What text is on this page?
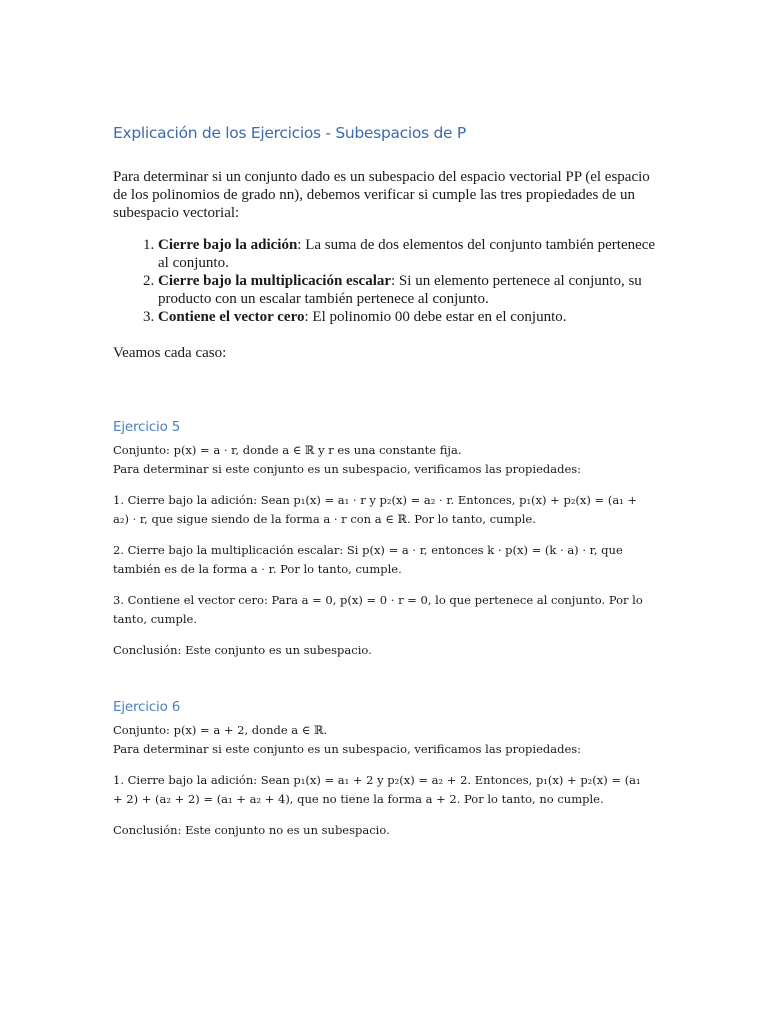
Explicación de los Ejercicios - Subespacios de P

Para determinar si un conjunto dado es un subespacio del espacio vectorial PP (el espacio de los polinomios de grado nn), debemos verificar si cumple las tres propiedades de un subespacio vectorial:

1. Cierre bajo la adición: La suma de dos elementos del conjunto también pertenece al conjunto.
2. Cierre bajo la multiplicación escalar: Si un elemento pertenece al conjunto, su producto con un escalar también pertenece al conjunto.
3. Contiene el vector cero: El polinomio 00 debe estar en el conjunto.

Veamos cada caso:

Ejercicio 5

Conjunto: p(x) = a · r, donde a ∈ ℝ y r es una constante fija.

Para determinar si este conjunto es un subespacio, verificamos las propiedades:

1. Cierre bajo la adición: Sean p₁(x) = a₁ · r y p₂(x) = a₂ · r. Entonces, p₁(x) + p₂(x) = (a₁ + a₂) · r, que sigue siendo de la forma a · r con a ∈ ℝ. Por lo tanto, cumple.

2. Cierre bajo la multiplicación escalar: Si p(x) = a · r, entonces k · p(x) = (k · a) · r, que también es de la forma a · r. Por lo tanto, cumple.

3. Contiene el vector cero: Para a = 0, p(x) = 0 · r = 0, lo que pertenece al conjunto. Por lo tanto, cumple.

Conclusión: Este conjunto es un subespacio.

Ejercicio 6

Conjunto: p(x) = a + 2, donde a ∈ ℝ.

Para determinar si este conjunto es un subespacio, verificamos las propiedades:

1. Cierre bajo la adición: Sean p₁(x) = a₁ + 2 y p₂(x) = a₂ + 2. Entonces, p₁(x) + p₂(x) = (a₁ + 2) + (a₂ + 2) = (a₁ + a₂ + 4), que no tiene la forma a + 2. Por lo tanto, no cumple.

Conclusión: Este conjunto no es un subespacio.
